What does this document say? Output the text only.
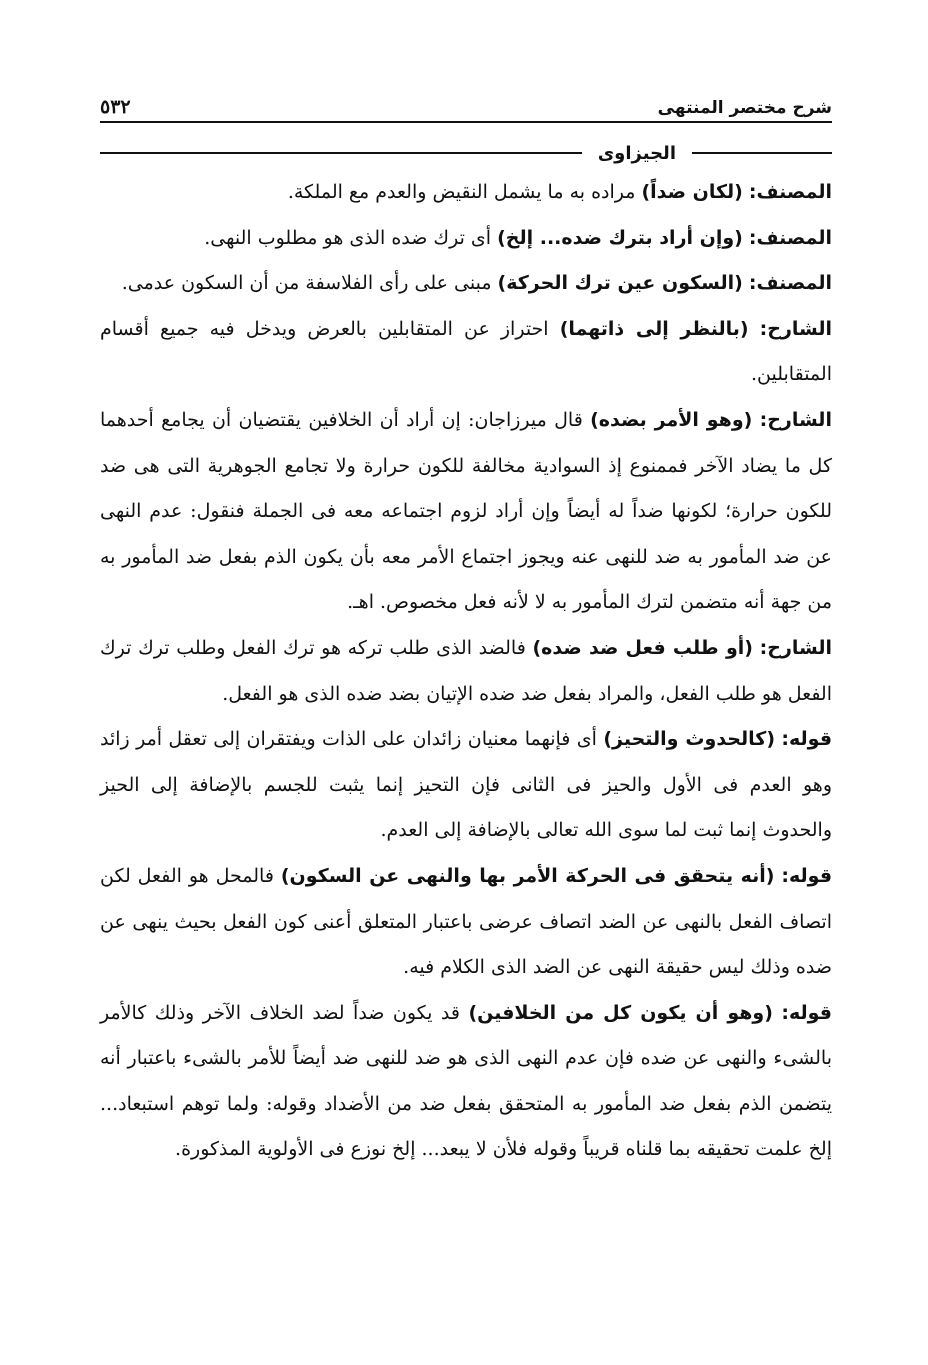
٥٣٢	شرح مختصر المنتهى
الجيزاوى

المصنف: (لكان ضداً) مراده به ما يشمل النقيض والعدم مع الملكة.

المصنف: (وإن أراد بترك ضده... إلخ) أى ترك ضده الذى هو مطلوب النهى.

المصنف: (السكون عين ترك الحركة) مبنى على رأى الفلاسفة من أن السكون عدمى.

الشارح: (بالنظر إلى ذاتهما) احتراز عن المتقابلين بالعرض ويدخل فيه جميع أقسام المتقابلين.

الشارح: (وهو الأمر بضده) قال ميرزاجان: إن أراد أن الخلافين يقتضيان أن يجامع أحدهما كل ما يضاد الآخر فممنوع إذ السوادية مخالفة للكون حرارة ولا تجامع الجوهرية التى هى ضد للكون حرارة؛ لكونها ضداً له أيضاً وإن أراد لزوم اجتماعه معه فى الجملة فنقول: عدم النهى عن ضد المأمور به ضد للنهى عنه ويجوز اجتماع الأمر معه بأن يكون الذم بفعل ضد المأمور به من جهة أنه متضمن لترك المأمور به لا لأنه فعل مخصوص. اهـ.

الشارح: (أو طلب فعل ضد ضده) فالضد الذى طلب تركه هو ترك الفعل وطلب ترك ترك الفعل هو طلب الفعل، والمراد بفعل ضد ضده الإتيان بضد ضده الذى هو الفعل.

قوله: (كالحدوث والتحيز) أى فإنهما معنيان زائدان على الذات ويفتقران إلى تعقل أمر زائد وهو العدم فى الأول والحيز فى الثانى فإن التحيز إنما يثبت للجسم بالإضافة إلى الحيز والحدوث إنما ثبت لما سوى الله تعالى بالإضافة إلى العدم.

قوله: (أنه يتحقق فى الحركة الأمر بها والنهى عن السكون) فالمحل هو الفعل لكن اتصاف الفعل بالنهى عن الضد اتصاف عرضى باعتبار المتعلق أعنى كون الفعل بحيث ينهى عن ضده وذلك ليس حقيقة النهى عن الضد الذى الكلام فيه.

قوله: (وهو أن يكون كل من الخلافين) قد يكون ضداً لضد الخلاف الآخر وذلك كالأمر بالشىء والنهى عن ضده فإن عدم النهى الذى هو ضد للنهى ضد أيضاً للأمر بالشىء باعتبار أنه يتضمن الذم بفعل ضد المأمور به المتحقق بفعل ضد من الأضداد وقوله: ولما توهم استبعاد... إلخ علمت تحقيقه بما قلناه قريباً وقوله فلأن لا يبعد... إلخ نوزع فى الأولوية المذكورة.
